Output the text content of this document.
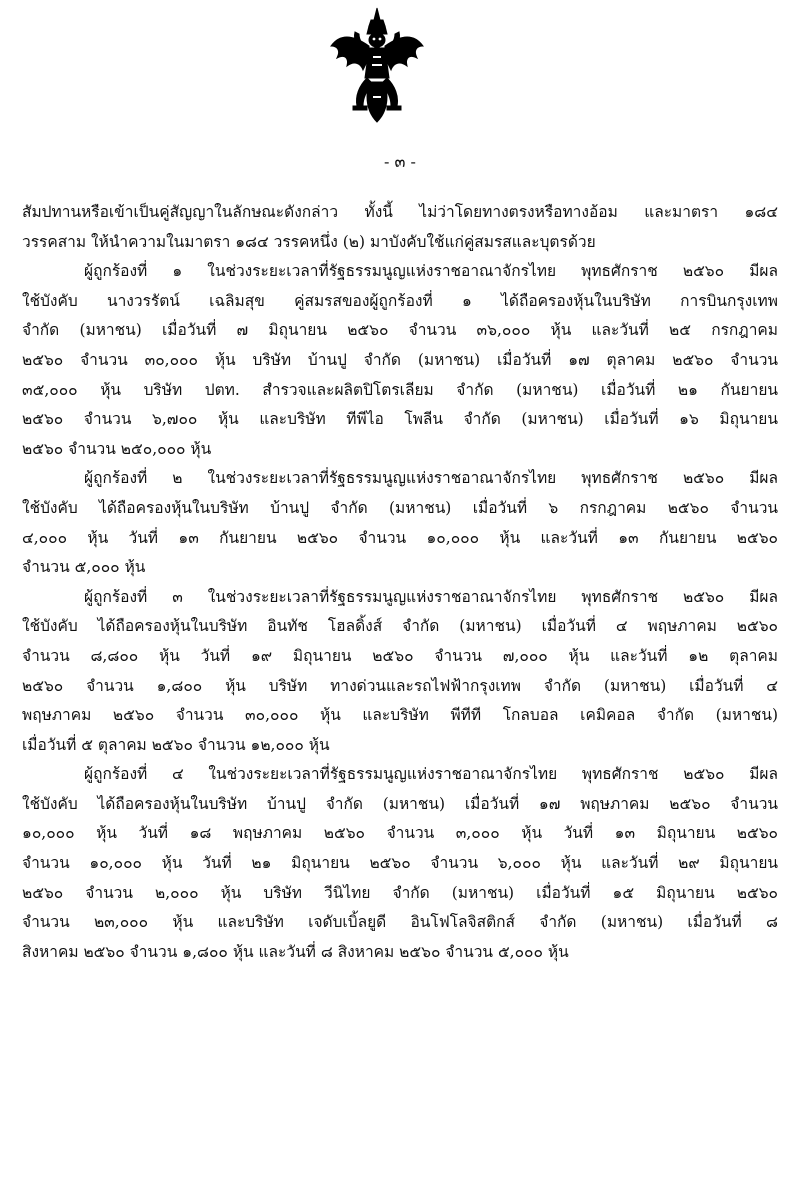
- ๓ -
สัมปทานหรือเข้าเป็นคู่สัญญาในลักษณะดังกล่าว ทั้งนี้ ไม่ว่าโดยทางตรงหรือทางอ้อม และมาตรา ๑๘๔
วรรคสาม ให้นำความในมาตรา ๑๘๔ วรรคหนึ่ง (๒) มาบังคับใช้แก่คู่สมรสและบุตรด้วย
ผู้ถูกร้องที่ ๑ ในช่วงระยะเวลาที่รัฐธรรมนูญแห่งราชอาณาจักรไทย พุทธศักราช ๒๕๖๐ มีผล
ใช้บังคับ นางวรรัตน์ เฉลิมสุข คู่สมรสของผู้ถูกร้องที่ ๑ ได้ถือครองหุ้นในบริษัท การบินกรุงเทพ
จำกัด (มหาชน) เมื่อวันที่ ๗ มิถุนายน ๒๕๖๐ จำนวน ๓๖,๐๐๐ หุ้น และวันที่ ๒๕ กรกฎาคม
๒๕๖๐ จำนวน ๓๐,๐๐๐ หุ้น บริษัท บ้านปู จำกัด (มหาชน) เมื่อวันที่ ๑๗ ตุลาคม ๒๕๖๐ จำนวน
๓๕,๐๐๐ หุ้น บริษัท ปตท. สำรวจและผลิตปิโตรเลียม จำกัด (มหาชน) เมื่อวันที่ ๒๑ กันยายน
๒๕๖๐ จำนวน ๖,๗๐๐ หุ้น และบริษัท ทีพีไอ โพลีน จำกัด (มหาชน) เมื่อวันที่ ๑๖ มิถุนายน
๒๕๖๐ จำนวน ๒๕๐,๐๐๐ หุ้น
ผู้ถูกร้องที่ ๒ ในช่วงระยะเวลาที่รัฐธรรมนูญแห่งราชอาณาจักรไทย พุทธศักราช ๒๕๖๐ มีผล
ใช้บังคับ ได้ถือครองหุ้นในบริษัท บ้านปู จำกัด (มหาชน) เมื่อวันที่ ๖ กรกฎาคม ๒๕๖๐ จำนวน
๔,๐๐๐ หุ้น วันที่ ๑๓ กันยายน ๒๕๖๐ จำนวน ๑๐,๐๐๐ หุ้น และวันที่ ๑๓ กันยายน ๒๕๖๐
จำนวน ๕,๐๐๐ หุ้น
ผู้ถูกร้องที่ ๓ ในช่วงระยะเวลาที่รัฐธรรมนูญแห่งราชอาณาจักรไทย พุทธศักราช ๒๕๖๐ มีผล
ใช้บังคับ ได้ถือครองหุ้นในบริษัท อินทัช โฮลดิ้งส์ จำกัด (มหาชน) เมื่อวันที่ ๔ พฤษภาคม ๒๕๖๐
จำนวน ๘,๘๐๐ หุ้น วันที่ ๑๙ มิถุนายน ๒๕๖๐ จำนวน ๗,๐๐๐ หุ้น และวันที่ ๑๒ ตุลาคม
๒๕๖๐ จำนวน ๑,๘๐๐ หุ้น บริษัท ทางด่วนและรถไฟฟ้ากรุงเทพ จำกัด (มหาชน) เมื่อวันที่ ๔
พฤษภาคม ๒๕๖๐ จำนวน ๓๐,๐๐๐ หุ้น และบริษัท พีทีที โกลบอล เคมิคอล จำกัด (มหาชน)
เมื่อวันที่ ๕ ตุลาคม ๒๕๖๐ จำนวน ๑๒,๐๐๐ หุ้น
ผู้ถูกร้องที่ ๔ ในช่วงระยะเวลาที่รัฐธรรมนูญแห่งราชอาณาจักรไทย พุทธศักราช ๒๕๖๐ มีผล
ใช้บังคับ ได้ถือครองหุ้นในบริษัท บ้านปู จำกัด (มหาชน) เมื่อวันที่ ๑๗ พฤษภาคม ๒๕๖๐ จำนวน
๑๐,๐๐๐ หุ้น วันที่ ๑๘ พฤษภาคม ๒๕๖๐ จำนวน ๓,๐๐๐ หุ้น วันที่ ๑๓ มิถุนายน ๒๕๖๐
จำนวน ๑๐,๐๐๐ หุ้น วันที่ ๒๑ มิถุนายน ๒๕๖๐ จำนวน ๖,๐๐๐ หุ้น และวันที่ ๒๙ มิถุนายน
๒๕๖๐ จำนวน ๒,๐๐๐ หุ้น บริษัท วีนิไทย จำกัด (มหาชน) เมื่อวันที่ ๑๕ มิถุนายน ๒๕๖๐
จำนวน ๒๓,๐๐๐ หุ้น และบริษัท เจดับเบิ้ลยูดี อินโฟโลจิสติกส์ จำกัด (มหาชน) เมื่อวันที่ ๘
สิงหาคม ๒๕๖๐ จำนวน ๑,๘๐๐ หุ้น และวันที่ ๘ สิงหาคม ๒๕๖๐ จำนวน ๕,๐๐๐ หุ้น
